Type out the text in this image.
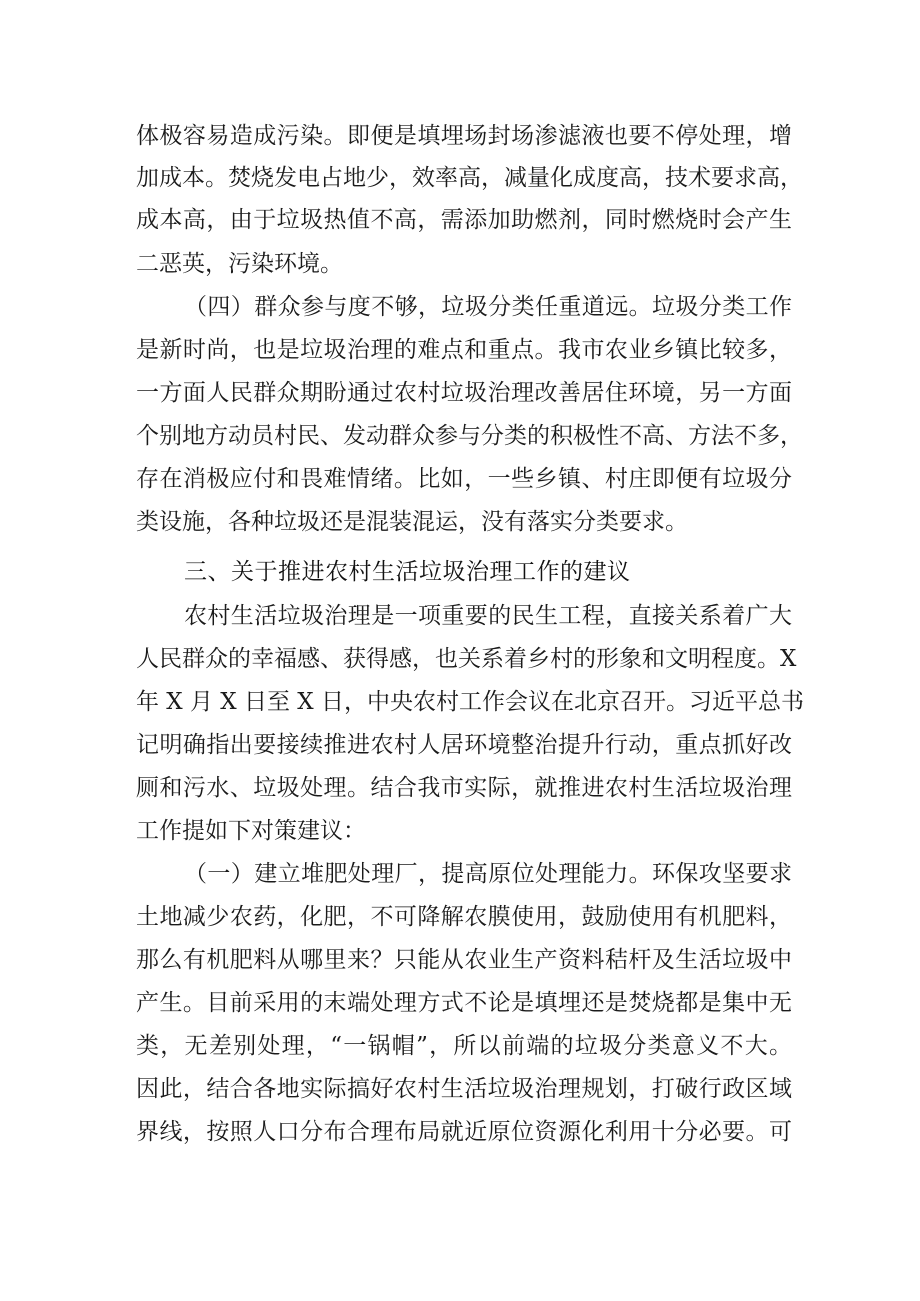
体极容易造成污染。即便是填埋场封场渗滤液也要不停处理，增
加成本。焚烧发电占地少，效率高，减量化成度高，技术要求高，
成本高，由于垃圾热值不高，需添加助燃剂，同时燃烧时会产生
二恶英，污染环境。
（四）群众参与度不够，垃圾分类任重道远。垃圾分类工作
是新时尚，也是垃圾治理的难点和重点。我市农业乡镇比较多，
一方面人民群众期盼通过农村垃圾治理改善居住环境，另一方面
个别地方动员村民、发动群众参与分类的积极性不高、方法不多，
存在消极应付和畏难情绪。比如，一些乡镇、村庄即便有垃圾分
类设施，各种垃圾还是混装混运，没有落实分类要求。
三、关于推进农村生活垃圾治理工作的建议
农村生活垃圾治理是一项重要的民生工程，直接关系着广大
人民群众的幸福感、获得感，也关系着乡村的形象和文明程度。X
年 X 月 X 日至 X 日，中央农村工作会议在北京召开。习近平总书
记明确指出要接续推进农村人居环境整治提升行动，重点抓好改
厕和污水、垃圾处理。结合我市实际，就推进农村生活垃圾治理
工作提如下对策建议：
（一）建立堆肥处理厂，提高原位处理能力。环保攻坚要求
土地减少农药，化肥，不可降解农膜使用，鼓励使用有机肥料，
那么有机肥料从哪里来？只能从农业生产资料秸杆及生活垃圾中
产生。目前采用的末端处理方式不论是填埋还是焚烧都是集中无
类，无差别处理，“一锅帽”，所以前端的垃圾分类意义不大。
因此，结合各地实际搞好农村生活垃圾治理规划，打破行政区域
界线，按照人口分布合理布局就近原位资源化利用十分必要。可
